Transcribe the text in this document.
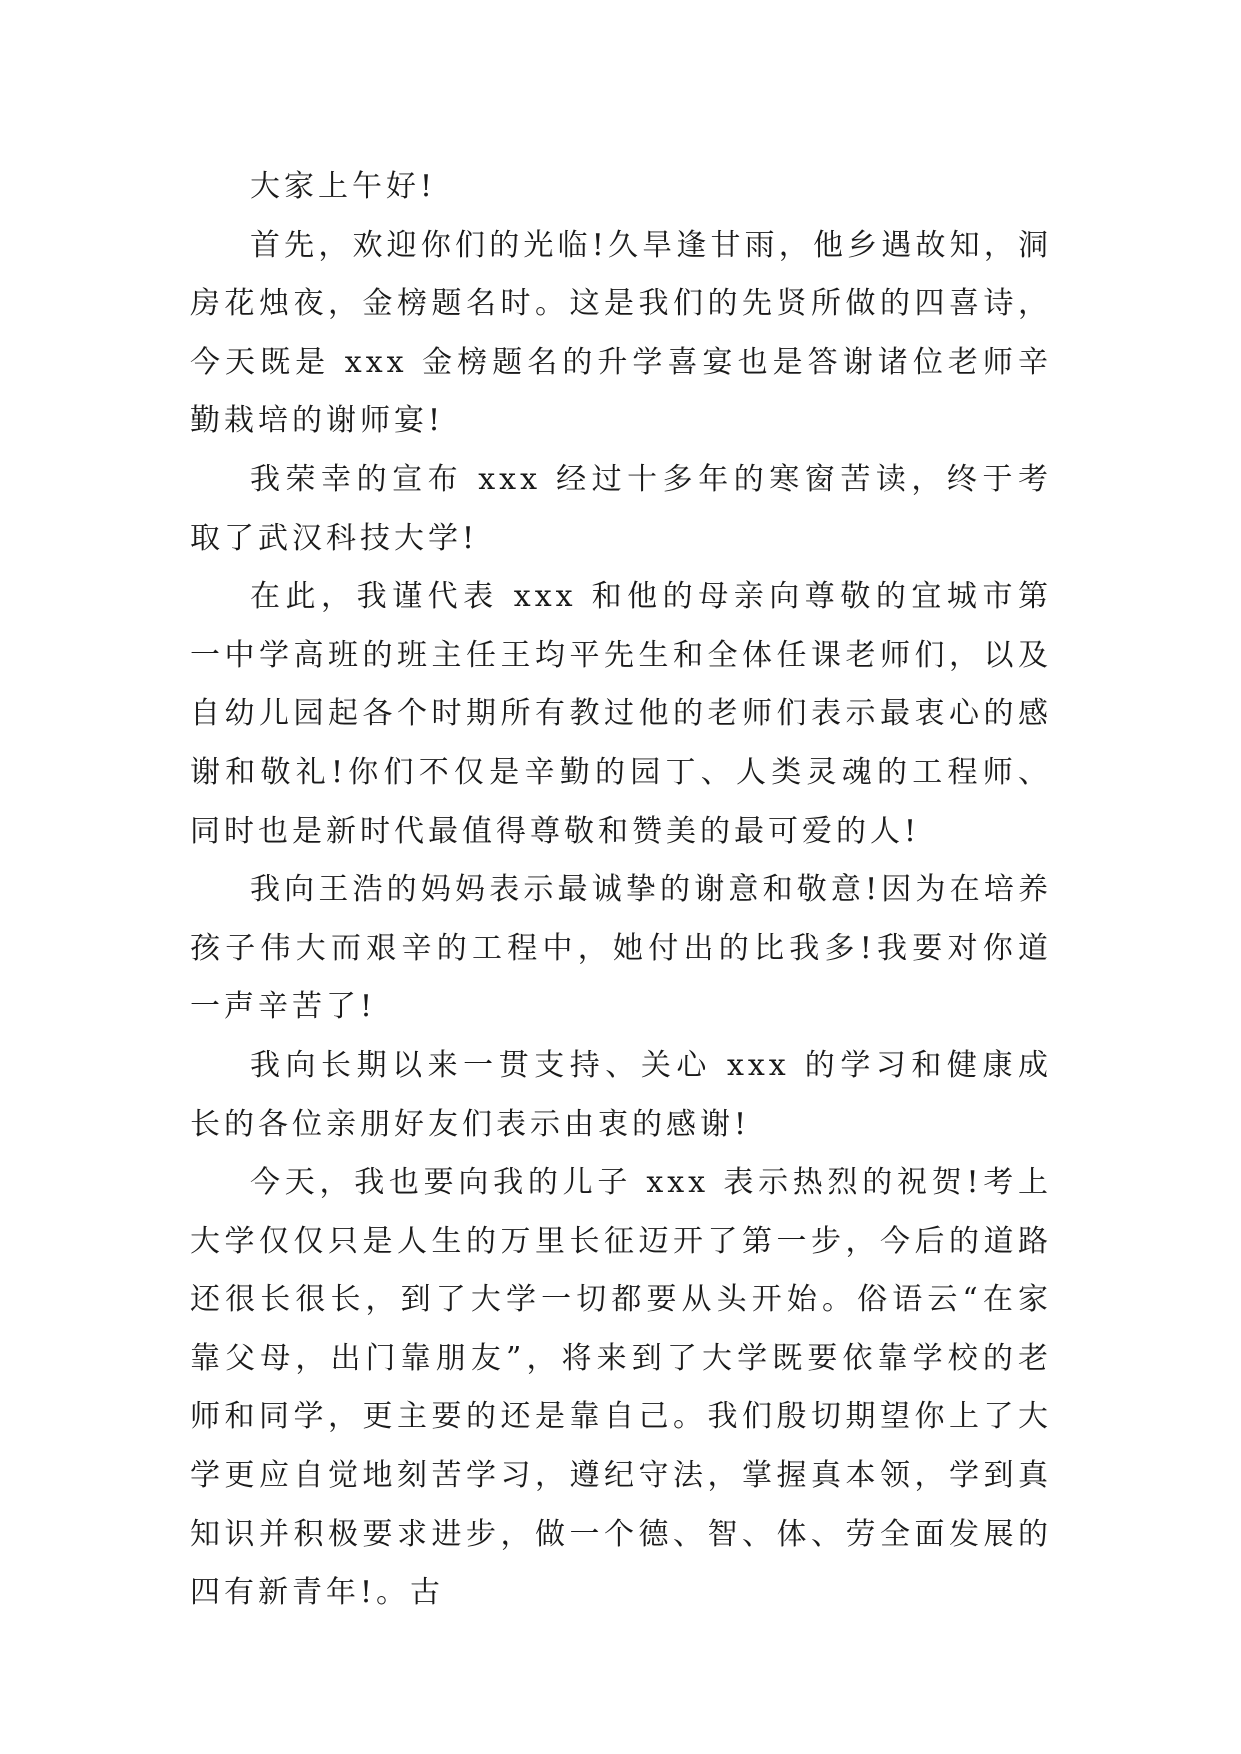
大家上午好!

首先，欢迎你们的光临!久旱逢甘雨，他乡遇故知，洞房花烛夜，金榜题名时。这是我们的先贤所做的四喜诗，今天既是 xxx 金榜题名的升学喜宴也是答谢诸位老师辛勤栽培的谢师宴!

我荣幸的宣布 xxx 经过十多年的寒窗苦读，终于考取了武汉科技大学!

在此，我谨代表 xxx 和他的母亲向尊敬的宜城市第一中学高班的班主任王均平先生和全体任课老师们，以及自幼儿园起各个时期所有教过他的老师们表示最衷心的感谢和敬礼!你们不仅是辛勤的园丁、人类灵魂的工程师、同时也是新时代最值得尊敬和赞美的最可爱的人!

我向王浩的妈妈表示最诚挚的谢意和敬意!因为在培养孩子伟大而艰辛的工程中，她付出的比我多!我要对你道一声辛苦了!

我向长期以来一贯支持、关心 xxx 的学习和健康成长的各位亲朋好友们表示由衷的感谢!

今天，我也要向我的儿子 xxx 表示热烈的祝贺!考上大学仅仅只是人生的万里长征迈开了第一步，今后的道路还很长很长，到了大学一切都要从头开始。俗语云“在家靠父母，出门靠朋友”，将来到了大学既要依靠学校的老师和同学，更主要的还是靠自己。我们殷切期望你上了大学更应自觉地刻苦学习，遵纪守法，掌握真本领，学到真知识并积极要求进步，做一个德、智、体、劳全面发展的四有新青年!。古
